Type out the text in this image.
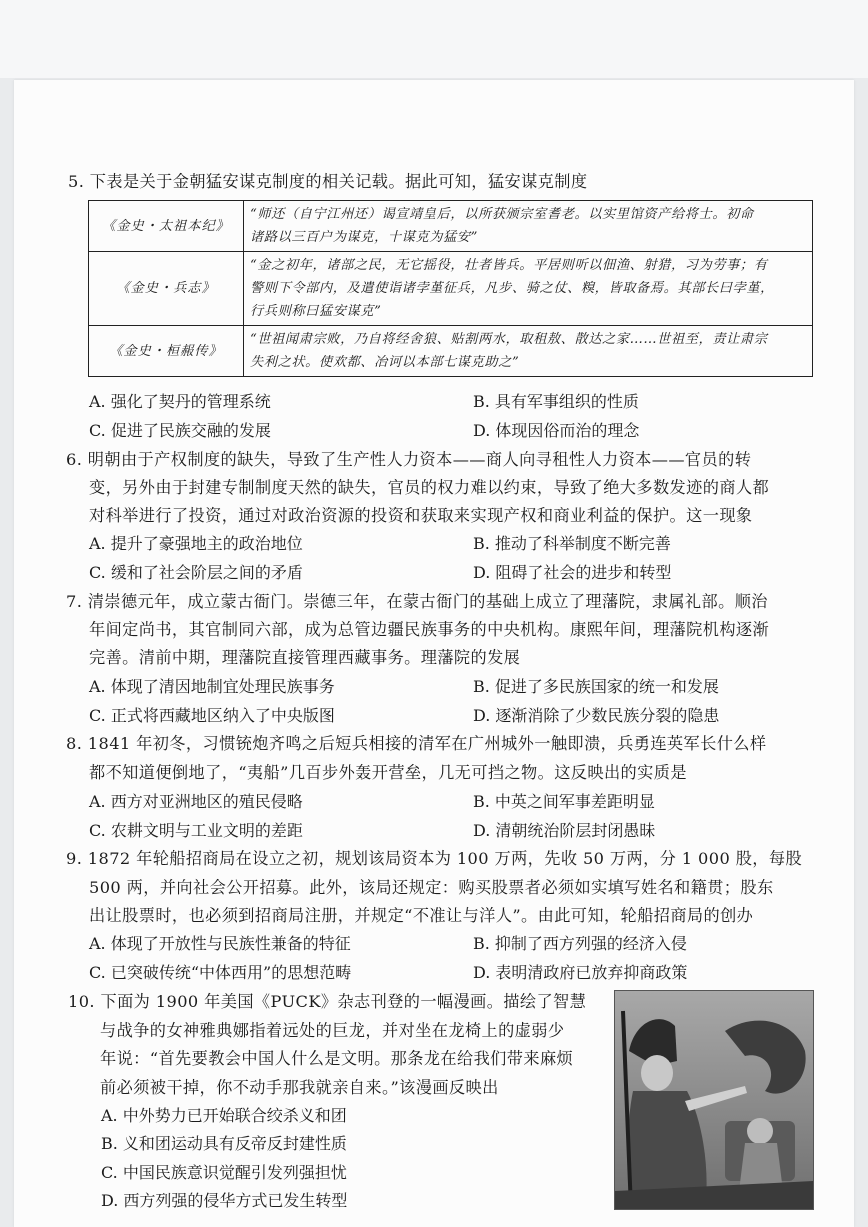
5. 下表是关于金朝猛安谋克制度的相关记载。据此可知，猛安谋克制度
《金史・太祖本纪》	“师还（自宁江州还）谒宣靖皇后，以所获颁宗室耆老。以实里馆资产给将士。初命
诸路以三百户为谋克，十谋克为猛安”

《金史・兵志》	“金之初年，诸部之民，无它摇役，壮者皆兵。平居则听以佃渔、射猎，习为劳事；有
警则下令部内，及遣使诣诸孛堇征兵，凡步、骑之仗、糗，皆取备焉。其部长曰孛堇，
行兵则称曰猛安谋克”

《金史・桓赧传》	“世祖闻肃宗败，乃自将经舍狼、贴割两水，取租敖、散达之家……世祖至，责让肃宗
失利之状。使欢都、冶诃以本部七谋克助之”
A. 强化了契丹的管理系统	B. 具有军事组织的性质
C. 促进了民族交融的发展	D. 体现因俗而治的理念
6. 明朝由于产权制度的缺失，导致了生产性人力资本——商人向寻租性人力资本——官员的转
变，另外由于封建专制制度天然的缺失，官员的权力难以约束，导致了绝大多数发迹的商人都
对科举进行了投资，通过对政治资源的投资和获取来实现产权和商业利益的保护。这一现象
A. 提升了豪强地主的政治地位	B. 推动了科举制度不断完善
C. 缓和了社会阶层之间的矛盾	D. 阻碍了社会的进步和转型
7. 清崇德元年，成立蒙古衙门。崇德三年，在蒙古衙门的基础上成立了理藩院，隶属礼部。顺治
年间定尚书，其官制同六部，成为总管边疆民族事务的中央机构。康熙年间，理藩院机构逐渐
完善。清前中期，理藩院直接管理西藏事务。理藩院的发展
A. 体现了清因地制宜处理民族事务	B. 促进了多民族国家的统一和发展
C. 正式将西藏地区纳入了中央版图	D. 逐渐消除了少数民族分裂的隐患
8. 1841 年初冬，习惯铳炮齐鸣之后短兵相接的清军在广州城外一触即溃，兵勇连英军长什么样
都不知道便倒地了，“夷船”几百步外轰开营垒，几无可挡之物。这反映出的实质是
A. 西方对亚洲地区的殖民侵略	B. 中英之间军事差距明显
C. 农耕文明与工业文明的差距	D. 清朝统治阶层封闭愚昧
9. 1872 年轮船招商局在设立之初，规划该局资本为 100 万两，先收 50 万两，分 1 000 股，每股
500 两，并向社会公开招募。此外，该局还规定：购买股票者必须如实填写姓名和籍贯；股东
出让股票时，也必须到招商局注册，并规定“不准让与洋人”。由此可知，轮船招商局的创办
A. 体现了开放性与民族性兼备的特征	B. 抑制了西方列强的经济入侵
C. 已突破传统“中体西用”的思想范畴	D. 表明清政府已放弃抑商政策
10. 下面为 1900 年美国《PUCK》杂志刊登的一幅漫画。描绘了智慧
与战争的女神雅典娜指着远处的巨龙，并对坐在龙椅上的虚弱少
年说：“首先要教会中国人什么是文明。那条龙在给我们带来麻烦
前必须被干掉，你不动手那我就亲自来。”该漫画反映出
A. 中外势力已开始联合绞杀义和团
B. 义和团运动具有反帝反封建性质
C. 中国民族意识觉醒引发列强担忧
D. 西方列强的侵华方式已发生转型
